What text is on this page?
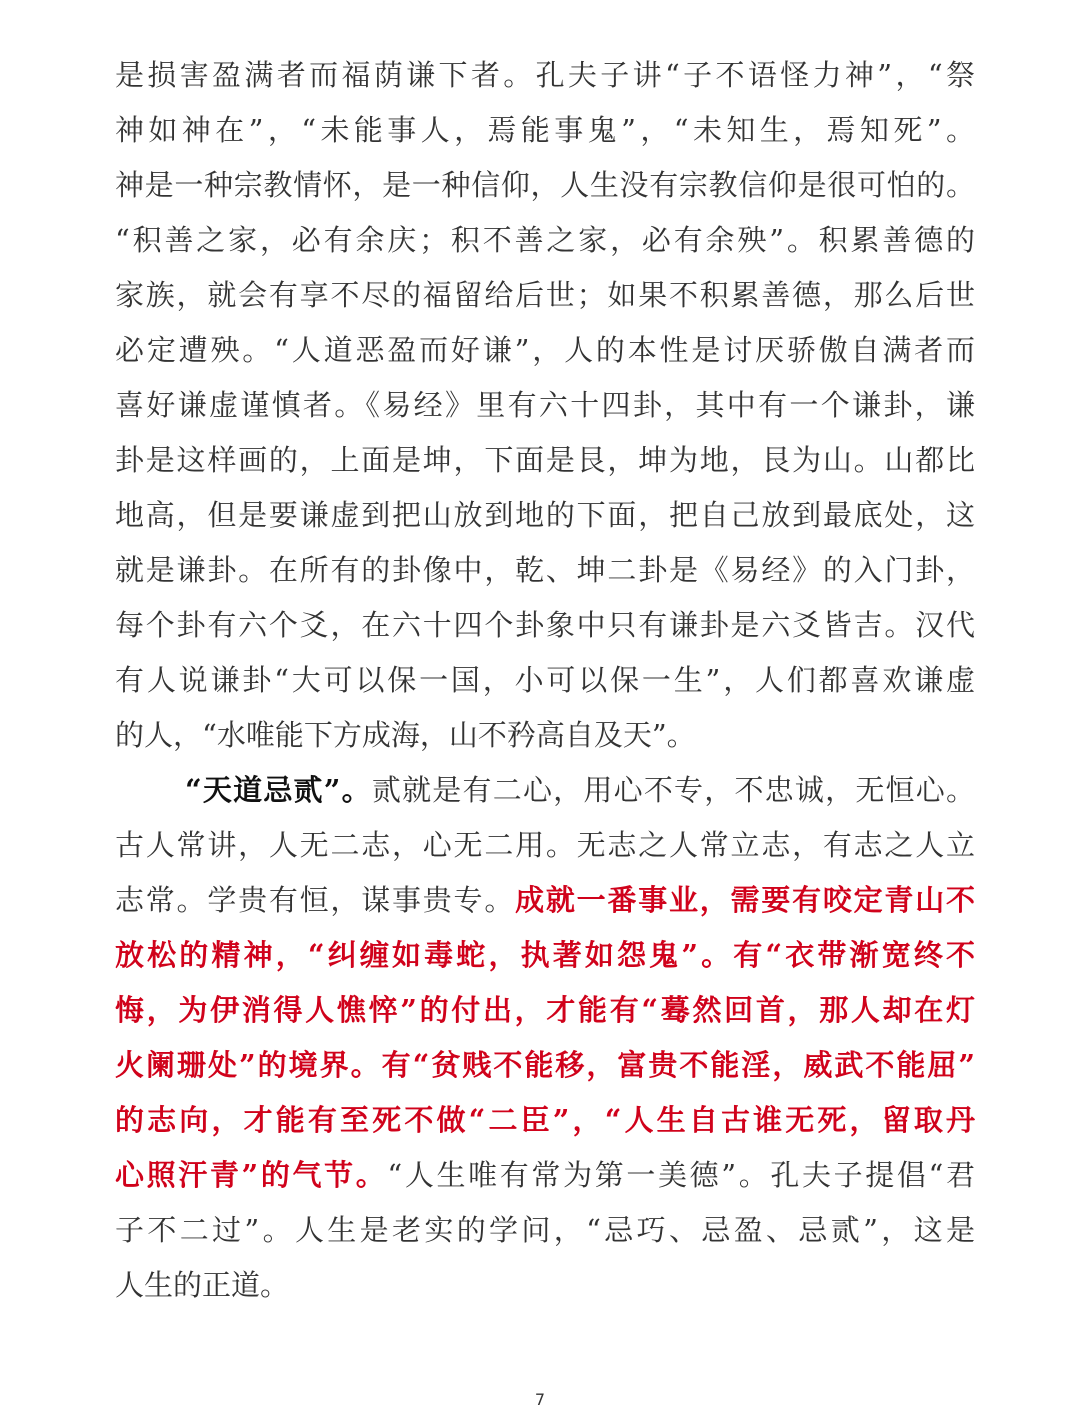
是损害盈满者而福荫谦下者。孔夫子讲“子不语怪力神”，“祭
神如神在”，“未能事人，焉能事鬼”，“未知生，焉知死”。
神是一种宗教情怀，是一种信仰，人生没有宗教信仰是很可怕的。
“积善之家，必有余庆；积不善之家，必有余殃”。积累善德的
家族，就会有享不尽的福留给后世；如果不积累善德，那么后世
必定遭殃。“人道恶盈而好谦”，人的本性是讨厌骄傲自满者而
喜好谦虚谨慎者。《易经》里有六十四卦，其中有一个谦卦，谦
卦是这样画的，上面是坤，下面是艮，坤为地，艮为山。山都比
地高，但是要谦虚到把山放到地的下面，把自己放到最底处，这
就是谦卦。在所有的卦像中，乾、坤二卦是《易经》的入门卦，
每个卦有六个爻，在六十四个卦象中只有谦卦是六爻皆吉。汉代
有人说谦卦“大可以保一国，小可以保一生”，人们都喜欢谦虚
的人，“水唯能下方成海，山不矜高自及天”。
“天道忌贰”。贰就是有二心，用心不专，不忠诚，无恒心。
古人常讲，人无二志，心无二用。无志之人常立志，有志之人立
志常。学贵有恒，谋事贵专。成就一番事业，需要有咬定青山不
放松的精神，“纠缠如毒蛇，执著如怨鬼”。有“衣带渐宽终不
悔，为伊消得人憔悴”的付出，才能有“蓦然回首，那人却在灯
火阑珊处”的境界。有“贫贱不能移，富贵不能淫，威武不能屈”
的志向，才能有至死不做“二臣”，“人生自古谁无死，留取丹
心照汗青”的气节。“人生唯有常为第一美德”。孔夫子提倡“君
子不二过”。人生是老实的学问，“忌巧、忌盈、忌贰”，这是
人生的正道。
7
